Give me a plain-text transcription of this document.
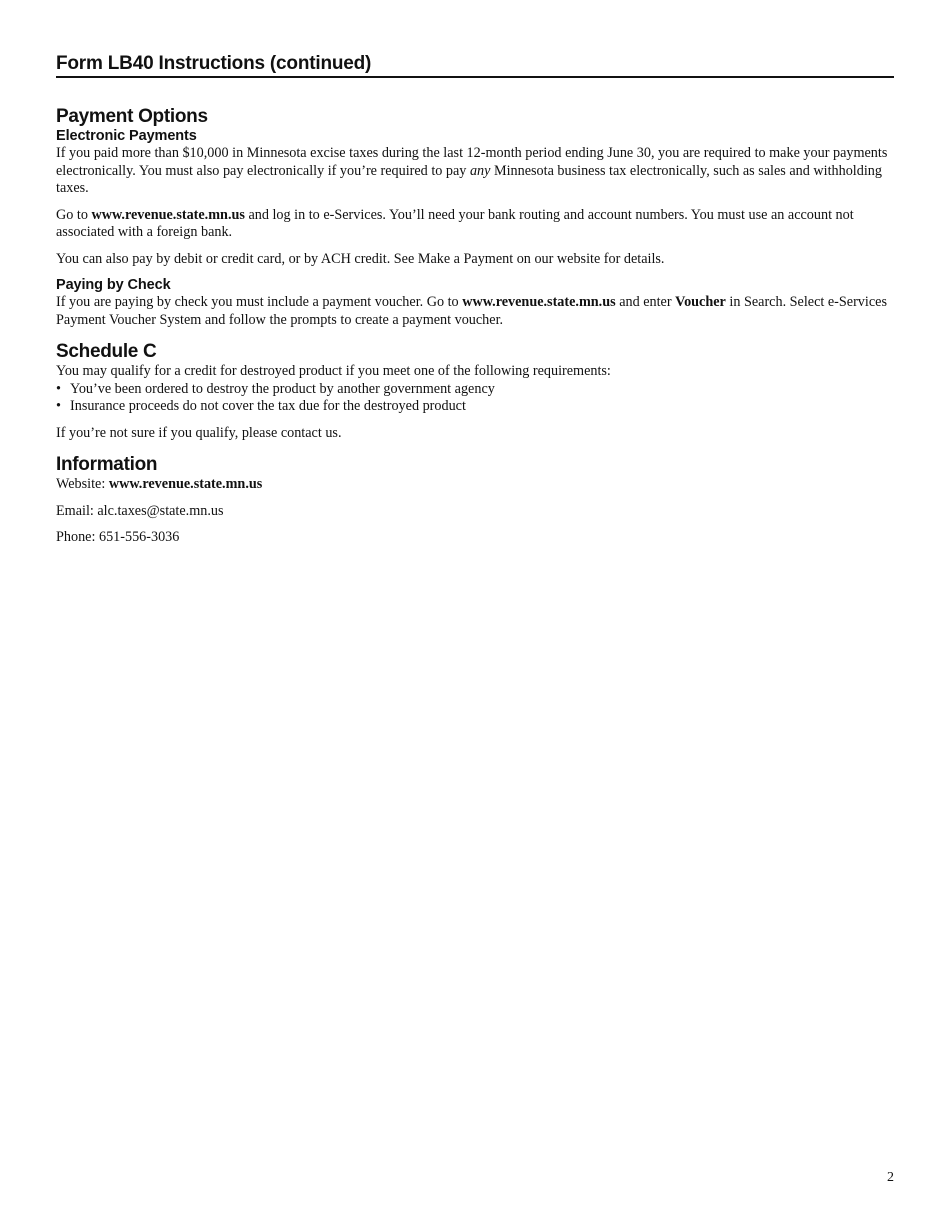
Form LB40 Instructions (continued)
Payment Options
Electronic Payments

If you paid more than $10,000 in Minnesota excise taxes during the last 12-month period ending June 30, you are required to make your payments electronically. You must also pay electronically if you’re required to pay any Minnesota business tax electronically, such as sales and withholding taxes.

Go to www.revenue.state.mn.us and log in to e-Services. You’ll need your bank routing and account numbers. You must use an account not associated with a foreign bank.

You can also pay by debit or credit card, or by ACH credit. See Make a Payment on our website for details.

Paying by Check

If you are paying by check you must include a payment voucher. Go to www.revenue.state.mn.us and enter Voucher in Search. Select e-Services Payment Voucher System and follow the prompts to create a payment voucher.

Schedule C

You may qualify for a credit for destroyed product if you meet one of the following requirements:

• You’ve been ordered to destroy the product by another government agency
• Insurance proceeds do not cover the tax due for the destroyed product

If you’re not sure if you qualify, please contact us.

Information

Website: www.revenue.state.mn.us

Email: alc.taxes@state.mn.us

Phone: 651-556-3036

2
